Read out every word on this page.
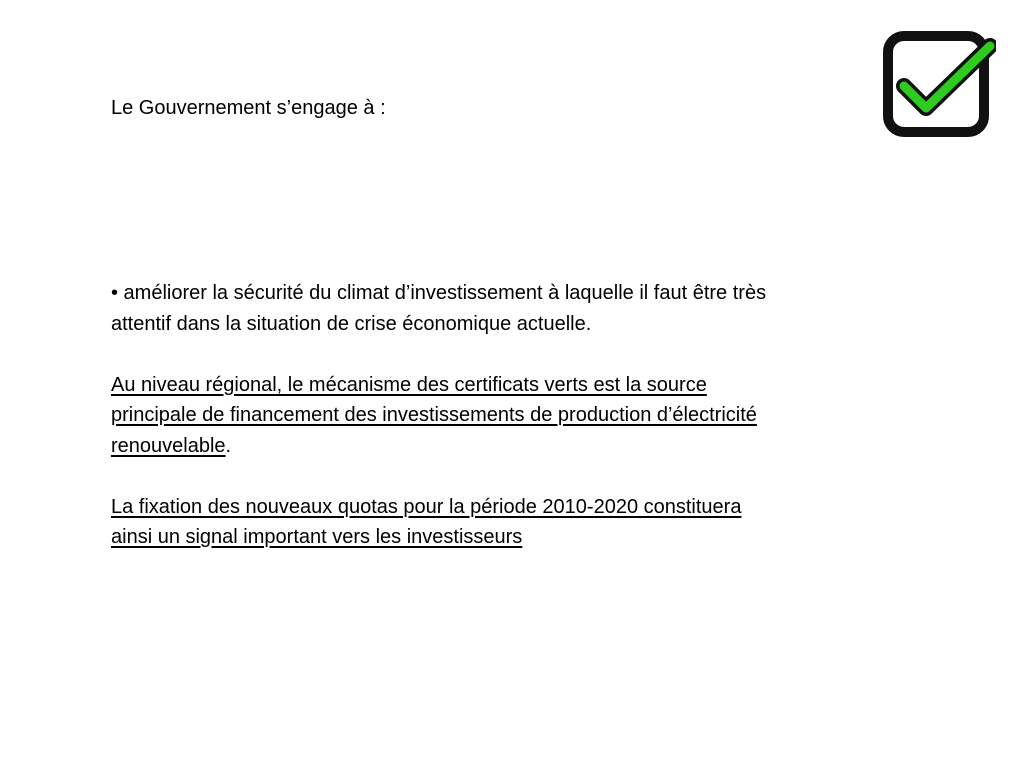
Le Gouvernement s’engage à :

• améliorer la sécurité du climat d’investissement à laquelle il faut être très
attentif dans la situation de crise économique actuelle.

Au niveau régional, le mécanisme des certificats verts est la source
principale de financement des investissements de production d’électricité
renouvelable.

La fixation des nouveaux quotas pour la période 2010-2020 constituera
ainsi un signal important vers les investisseurs
